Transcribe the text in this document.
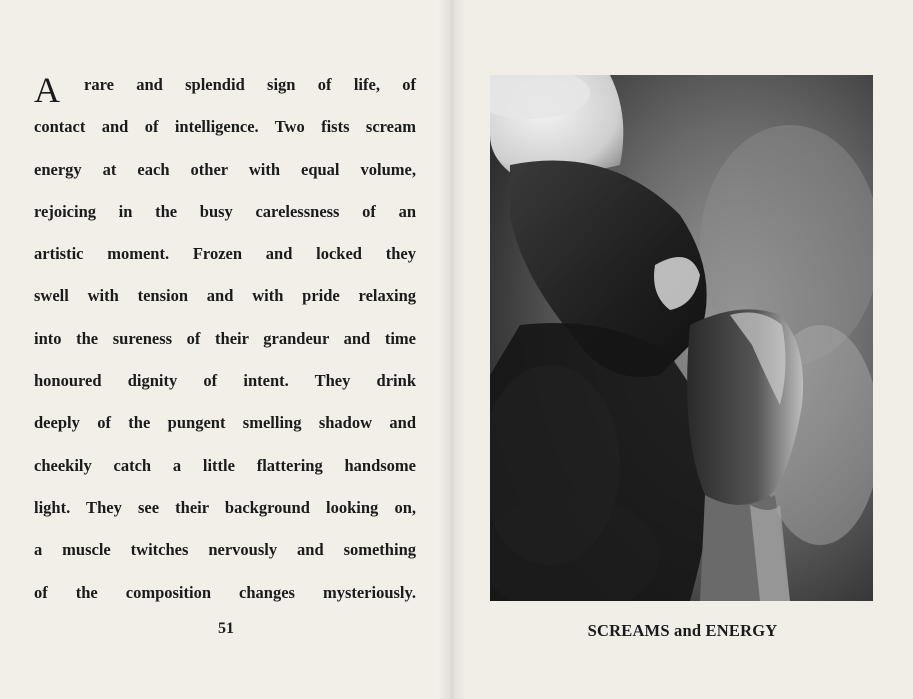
A rare and splendid sign of life, of
contact and of intelligence. Two fists scream
energy at each other with equal volume,
rejoicing in the busy carelessness of an
artistic moment. Frozen and locked they
swell with tension and with pride relaxing
into the sureness of their grandeur and time
honoured dignity of intent. They drink
deeply of the pungent smelling shadow and
cheekily catch a little flattering handsome
light. They see their background looking on,
a muscle twitches nervously and something
of the composition changes mysteriously.
51	SCREAMS and ENERGY
